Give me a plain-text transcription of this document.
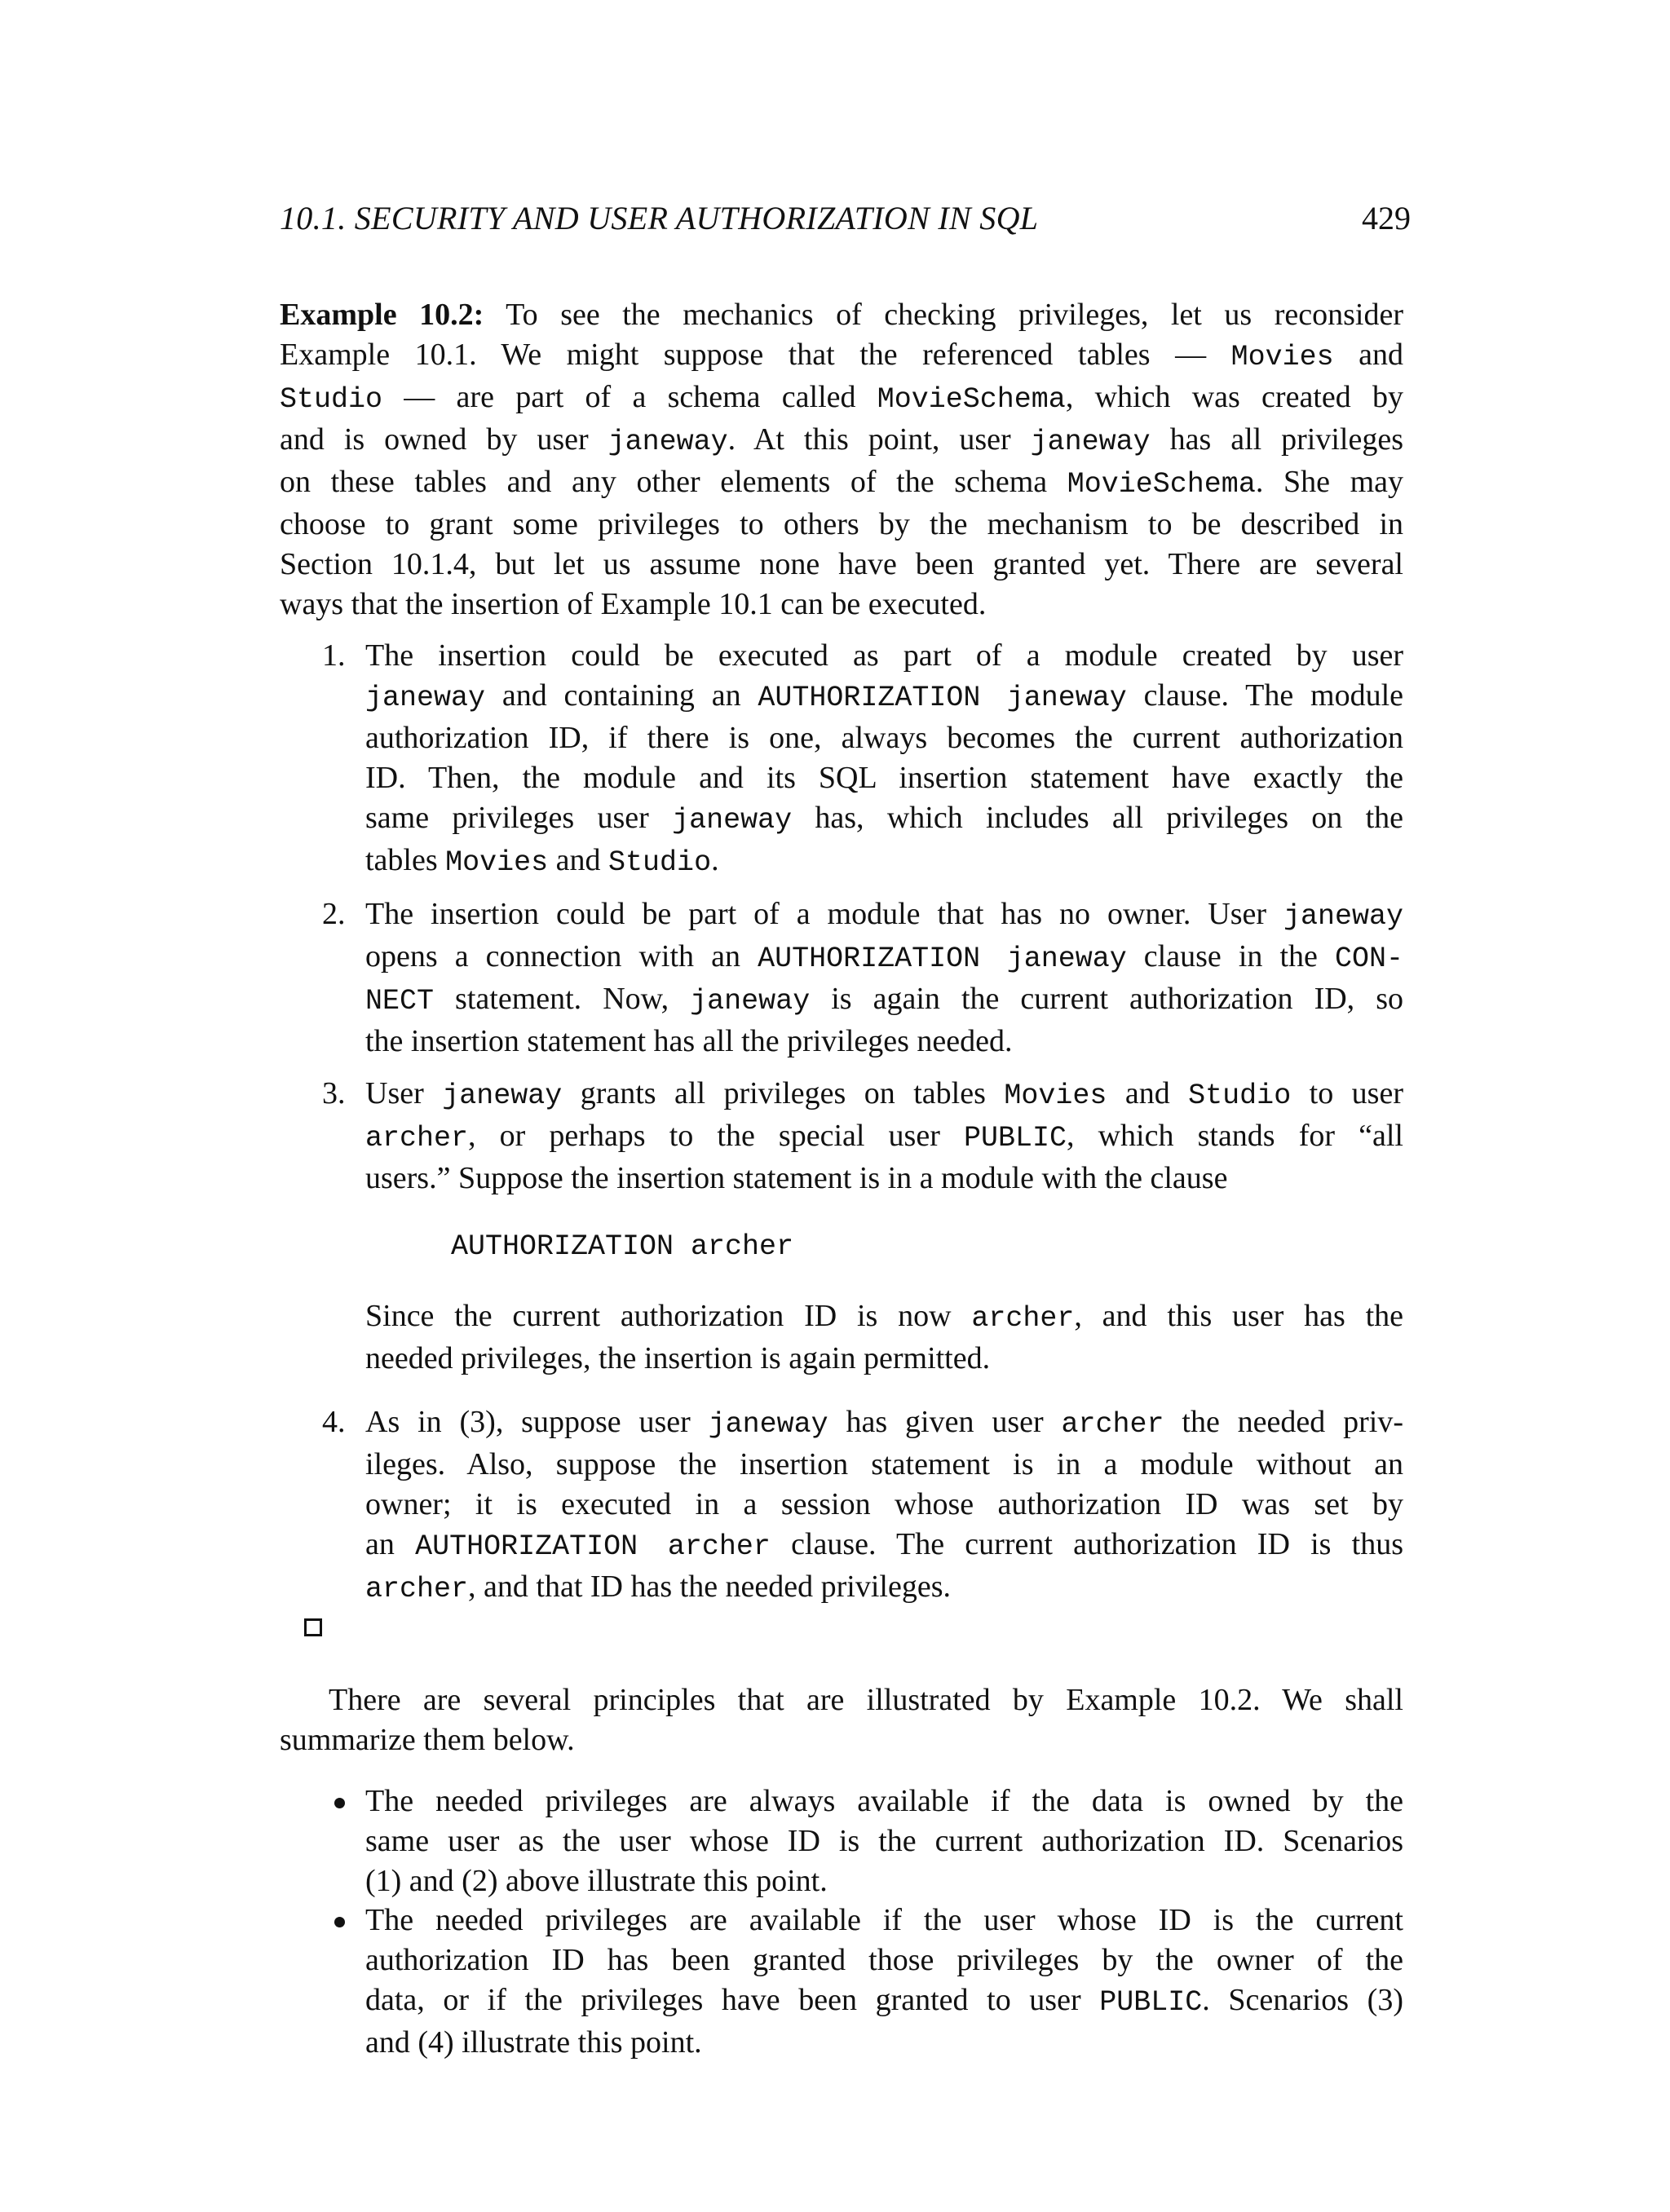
10.1. SECURITY AND USER AUTHORIZATION IN SQL	429
Example 10.2: To see the mechanics of checking privileges, let us reconsider
Example 10.1. We might suppose that the referenced tables — Movies and
Studio — are part of a schema called MovieSchema, which was created by
and is owned by user janeway. At this point, user janeway has all privileges
on these tables and any other elements of the schema MovieSchema. She may
choose to grant some privileges to others by the mechanism to be described in
Section 10.1.4, but let us assume none have been granted yet. There are several
ways that the insertion of Example 10.1 can be executed.
1. The insertion could be executed as part of a module created by user
janeway and containing an AUTHORIZATION janeway clause. The module
authorization ID, if there is one, always becomes the current authorization
ID. Then, the module and its SQL insertion statement have exactly the
same privileges user janeway has, which includes all privileges on the
tables Movies and Studio.
2. The insertion could be part of a module that has no owner. User janeway
opens a connection with an AUTHORIZATION janeway clause in the CON-
NECT statement. Now, janeway is again the current authorization ID, so
the insertion statement has all the privileges needed.
3. User janeway grants all privileges on tables Movies and Studio to user
archer, or perhaps to the special user PUBLIC, which stands for “all
users.” Suppose the insertion statement is in a module with the clause
AUTHORIZATION archer
Since the current authorization ID is now archer, and this user has the
needed privileges, the insertion is again permitted.
4. As in (3), suppose user janeway has given user archer the needed priv-
ileges. Also, suppose the insertion statement is in a module without an
owner; it is executed in a session whose authorization ID was set by
an AUTHORIZATION archer clause. The current authorization ID is thus
archer, and that ID has the needed privileges.
There are several principles that are illustrated by Example 10.2. We shall
summarize them below.
The needed privileges are always available if the data is owned by the
same user as the user whose ID is the current authorization ID. Scenarios
(1) and (2) above illustrate this point.
The needed privileges are available if the user whose ID is the current
authorization ID has been granted those privileges by the owner of the
data, or if the privileges have been granted to user PUBLIC. Scenarios (3)
and (4) illustrate this point.
